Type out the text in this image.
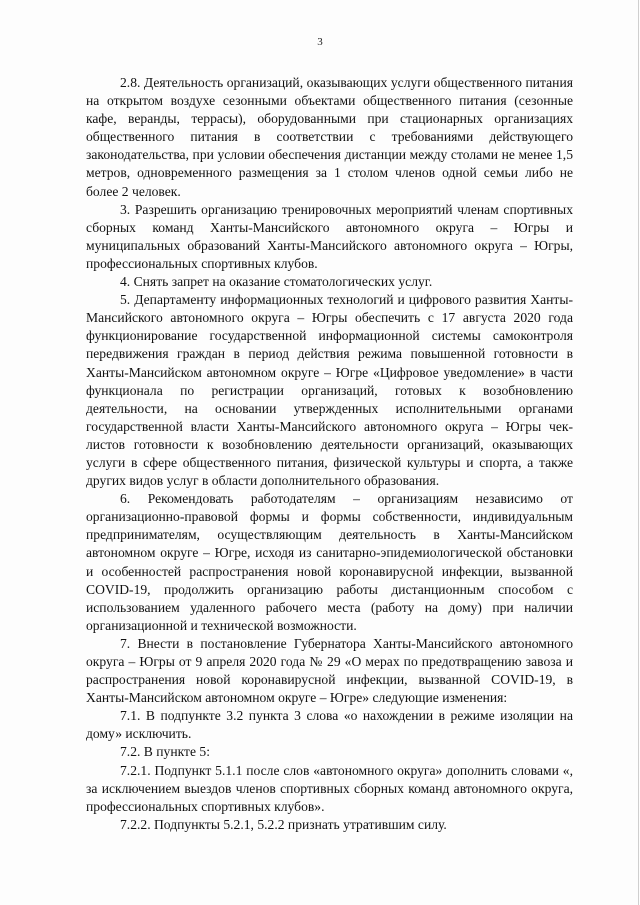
3

2.8. Деятельность организаций, оказывающих услуги общественного питания на открытом воздухе сезонными объектами общественного питания (сезонные кафе, веранды, террасы), оборудованными при стационарных организациях общественного питания в соответствии с требованиями действующего законодательства, при условии обеспечения дистанции между столами не менее 1,5 метров, одновременного размещения за 1 столом членов одной семьи либо не более 2 человек.

3. Разрешить организацию тренировочных мероприятий членам спортивных сборных команд Ханты-Мансийского автономного округа – Югры и муниципальных образований Ханты-Мансийского автономного округа – Югры, профессиональных спортивных клубов.

4. Снять запрет на оказание стоматологических услуг.

5. Департаменту информационных технологий и цифрового развития Ханты-Мансийского автономного округа – Югры обеспечить с 17 августа 2020 года функционирование государственной информационной системы самоконтроля передвижения граждан в период действия режима повышенной готовности в Ханты-Мансийском автономном округе – Югре «Цифровое уведомление» в части функционала по регистрации организаций, готовых к возобновлению деятельности, на основании утвержденных исполнительными органами государственной власти Ханты-Мансийского автономного округа – Югры чек-листов готовности к возобновлению деятельности организаций, оказывающих услуги в сфере общественного питания, физической культуры и спорта, а также других видов услуг в области дополнительного образования.

6. Рекомендовать работодателям – организациям независимо от организационно-правовой формы и формы собственности, индивидуальным предпринимателям, осуществляющим деятельность в Ханты-Мансийском автономном округе – Югре, исходя из санитарно-эпидемиологической обстановки и особенностей распространения новой коронавирусной инфекции, вызванной COVID-19, продолжить организацию работы дистанционным способом с использованием удаленного рабочего места (работу на дому) при наличии организационной и технической возможности.

7. Внести в постановление Губернатора Ханты-Мансийского автономного округа – Югры от 9 апреля 2020 года № 29 «О мерах по предотвращению завоза и распространения новой коронавирусной инфекции, вызванной COVID-19, в Ханты-Мансийском автономном округе – Югре» следующие изменения:

7.1. В подпункте 3.2 пункта 3 слова «о нахождении в режиме изоляции на дому» исключить.

7.2. В пункте 5:

7.2.1. Подпункт 5.1.1 после слов «автономного округа» дополнить словами «, за исключением выездов членов спортивных сборных команд автономного округа, профессиональных спортивных клубов».

7.2.2. Подпункты 5.2.1, 5.2.2 признать утратившим силу.
